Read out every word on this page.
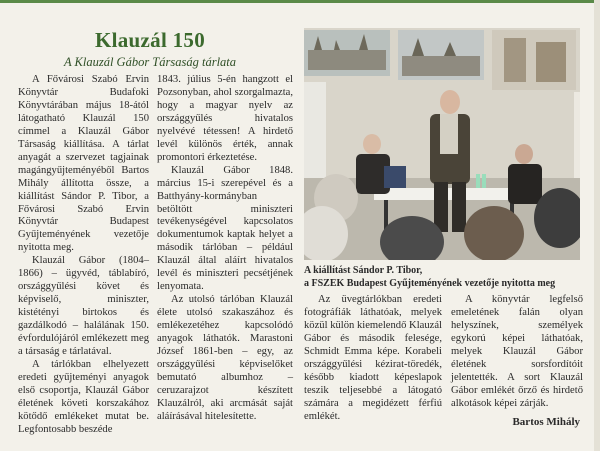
Klauzál 150
A Klauzál Gábor Társaság tárlata

A Fővárosi Szabó Ervin Könyvtár Budafoki Könyvtárában május 18-ától látogatható Klauzál 150 címmel a Klauzál Gábor Társaság kiállítása. A tárlat anyagát a szervezet tagjainak magángyűjteményéből Bartos Mihály állította össze, a kiállítást Sándor P. Tibor, a Fővárosi Szabó Ervin Könyvtár Budapest Gyűjteményének vezetője nyitotta meg.

Klauzál Gábor (1804–1866) – ügyvéd, táblabíró, országgyűlési követ és képviselő, miniszter, kistétényi birtokos és gazdálkodó – halálának 150. évfordulójáról emlékezett meg a társaság e tárlatával.

A tárlókban elhelyezett eredeti gyűjteményi anyagok első csoportja, Klauzál Gábor életének követi korszakához kötődő emlékeket mutat be. Legfontosabb beszéde

1843. július 5-én hangzott el Pozsonyban, ahol szorgalmazta, hogy a magyar nyelv az országgyűlés hivatalos nyelvévé tétessen! A hirdető levél különös érték, annak promontori érkeztetése.

Klauzál Gábor 1848. március 15-i szerepével és a Batthyány-kormányban betöltött miniszteri tevékenységével kapcsolatos dokumentumok kaptak helyet a második tárlóban – például Klauzál által aláírt hivatalos levél és miniszteri pecsétjének lenyomata.

Az utolsó tárlóban Klauzál élete utolsó szakaszához és emlékezetéhez kapcsolódó anyagok láthatók. Marastoni József 1861-ben – egy, az országgyűlési képviselőket bemutató albumhoz – ceruzarajzot készített Klauzálról, aki arcmását saját aláírásával hitelesítette.

A kiállítást Sándor P. Tibor,
a FSZEK Budapest Gyűjteményének vezetője nyitotta meg

Az üvegtárlókban eredeti fotográfiák láthatóak, melyek közül külön kiemelendő Klauzál Gábor és második felesége, Schmidt Emma képe. Korabeli országgyűlési kézirat-töredék, később kiadott képeslapok teszik teljesebbé a látogató számára a megidézett férfiú emlékét.

A könyvtár legfelső emeletének falán olyan helyszínek, személyek egykorú képei láthatóak, melyek Klauzál Gábor életének sorsfordítóit jelentették. A sort Klauzál Gábor emlékét őrző és hirdető alkotások képei zárják.

Bartos Mihály
